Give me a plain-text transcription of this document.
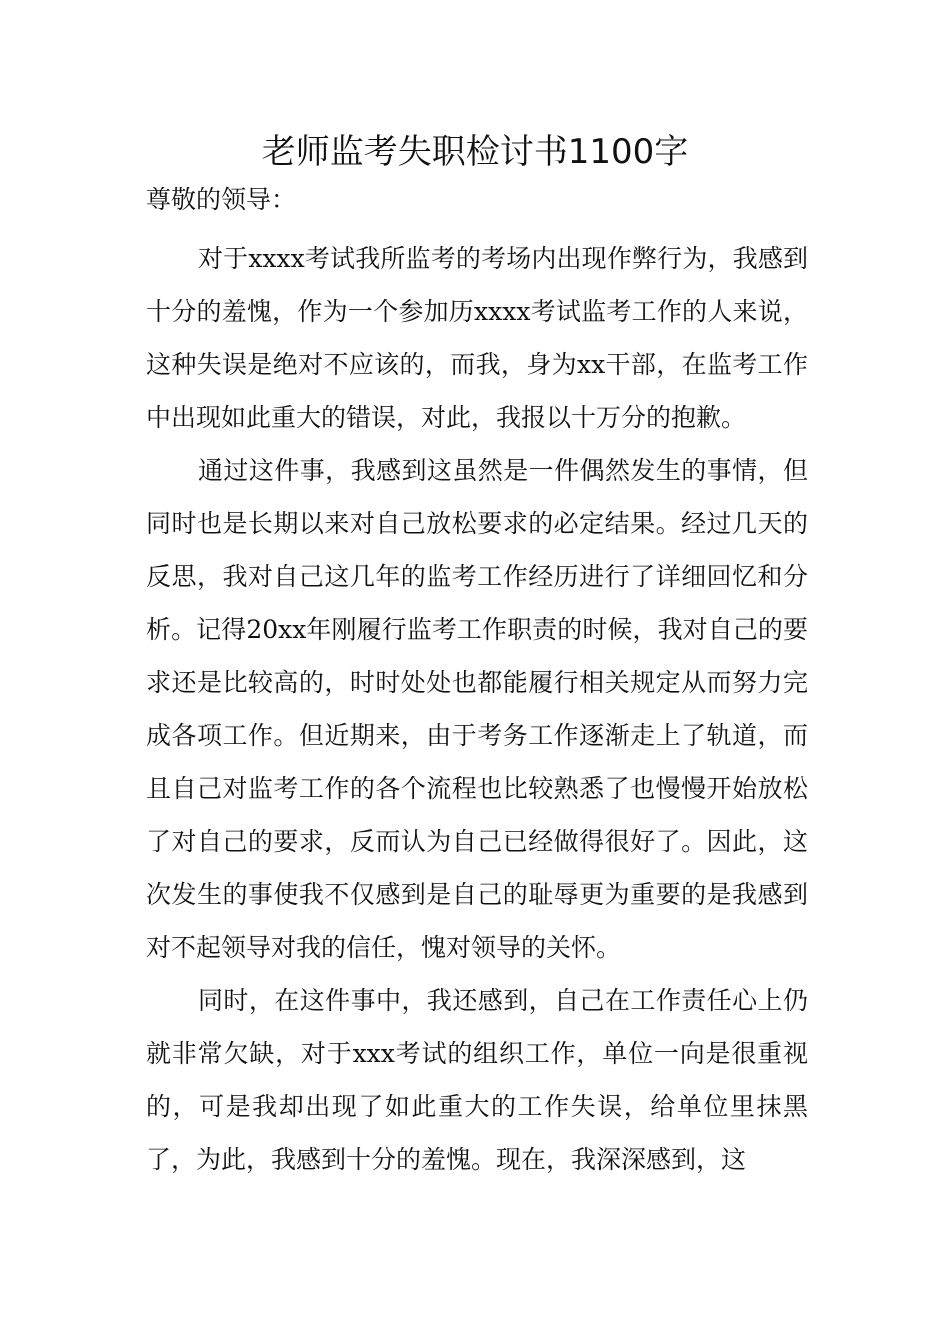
老师监考失职检讨书1100字
尊敬的领导：

对于xxxx考试我所监考的考场内出现作弊行为，我感到十分的羞愧，作为一个参加历xxxx考试监考工作的人来说，这种失误是绝对不应该的，而我，身为xx干部，在监考工作中出现如此重大的错误，对此，我报以十万分的抱歉。

通过这件事，我感到这虽然是一件偶然发生的事情，但同时也是长期以来对自己放松要求的必定结果。经过几天的反思，我对自己这几年的监考工作经历进行了详细回忆和分析。记得20xx年刚履行监考工作职责的时候，我对自己的要求还是比较高的，时时处处也都能履行相关规定从而努力完成各项工作。但近期来，由于考务工作逐渐走上了轨道，而且自己对监考工作的各个流程也比较熟悉了也慢慢开始放松了对自己的要求，反而认为自己已经做得很好了。因此，这次发生的事使我不仅感到是自己的耻辱更为重要的是我感到对不起领导对我的信任，愧对领导的关怀。

同时，在这件事中，我还感到，自己在工作责任心上仍就非常欠缺，对于xxx考试的组织工作，单位一向是很重视的，可是我却出现了如此重大的工作失误，给单位里抹黑了，为此，我感到十分的羞愧。现在，我深深感到，这
